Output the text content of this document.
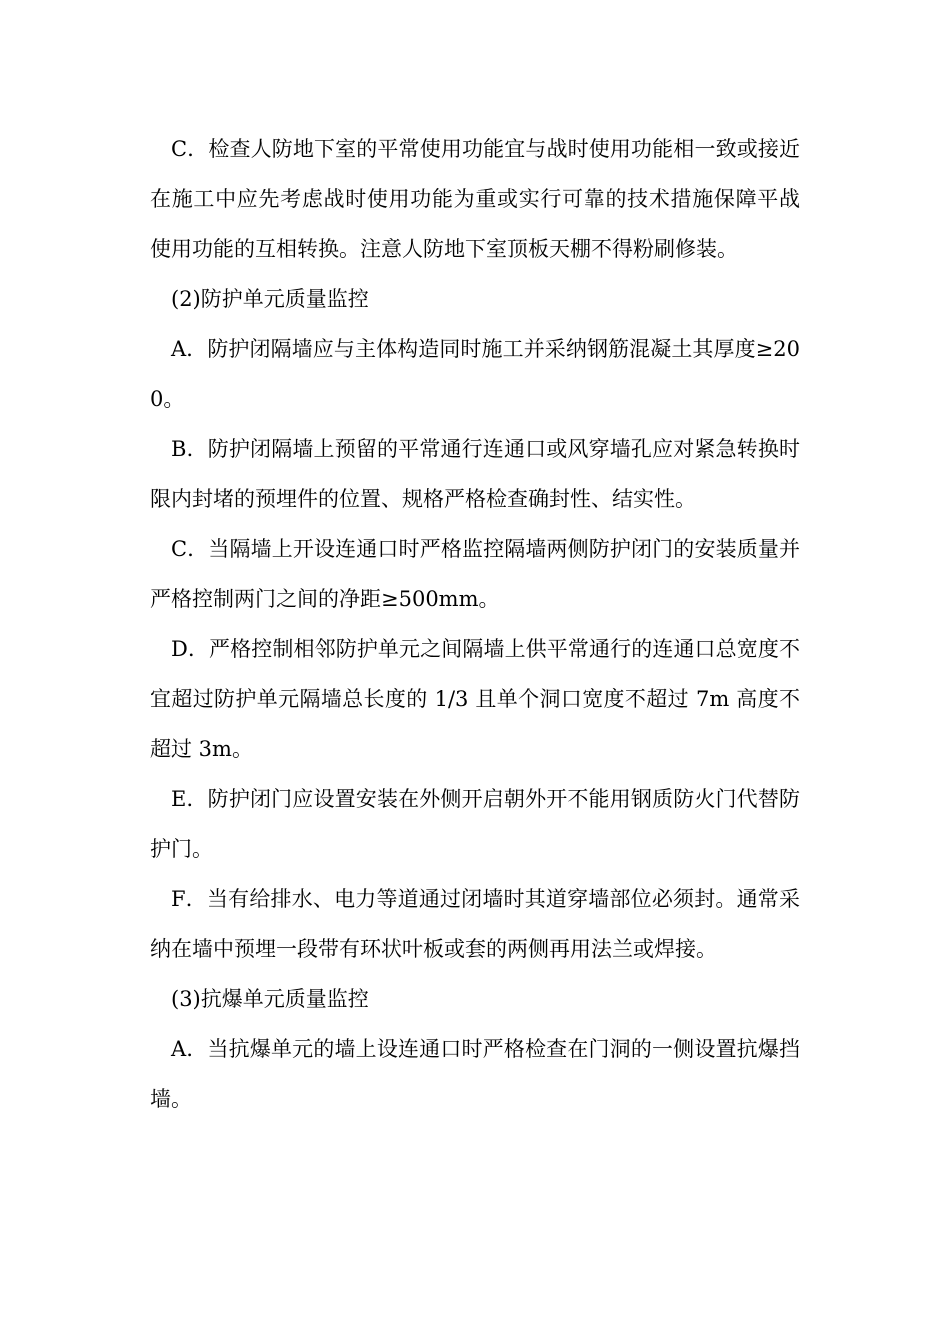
C．检查人防地下室的平常使用功能宜与战时使用功能相一致或接近在施工中应先考虑战时使用功能为重或实行可靠的技术措施保障平战使用功能的互相转换。注意人防地下室顶板天棚不得粉刷修装。

(2)防护单元质量监控

A．防护闭隔墙应与主体构造同时施工并采纳钢筋混凝土其厚度≥200。

B．防护闭隔墙上预留的平常通行连通口或风穿墙孔应对紧急转换时限内封堵的预埋件的位置、规格严格检查确封性、结实性。

C．当隔墙上开设连通口时严格监控隔墙两侧防护闭门的安装质量并严格控制两门之间的净距≥500mm。

D．严格控制相邻防护单元之间隔墙上供平常通行的连通口总宽度不宜超过防护单元隔墙总长度的 1/3 且单个洞口宽度不超过 7m 高度不超过 3m。

E．防护闭门应设置安装在外侧开启朝外开不能用钢质防火门代替防护门。

F．当有给排水、电力等道通过闭墙时其道穿墙部位必须封。通常采纳在墙中预埋一段带有环状叶板或套的两侧再用法兰或焊接。

(3)抗爆单元质量监控

A．当抗爆单元的墙上设连通口时严格检查在门洞的一侧设置抗爆挡墙。
